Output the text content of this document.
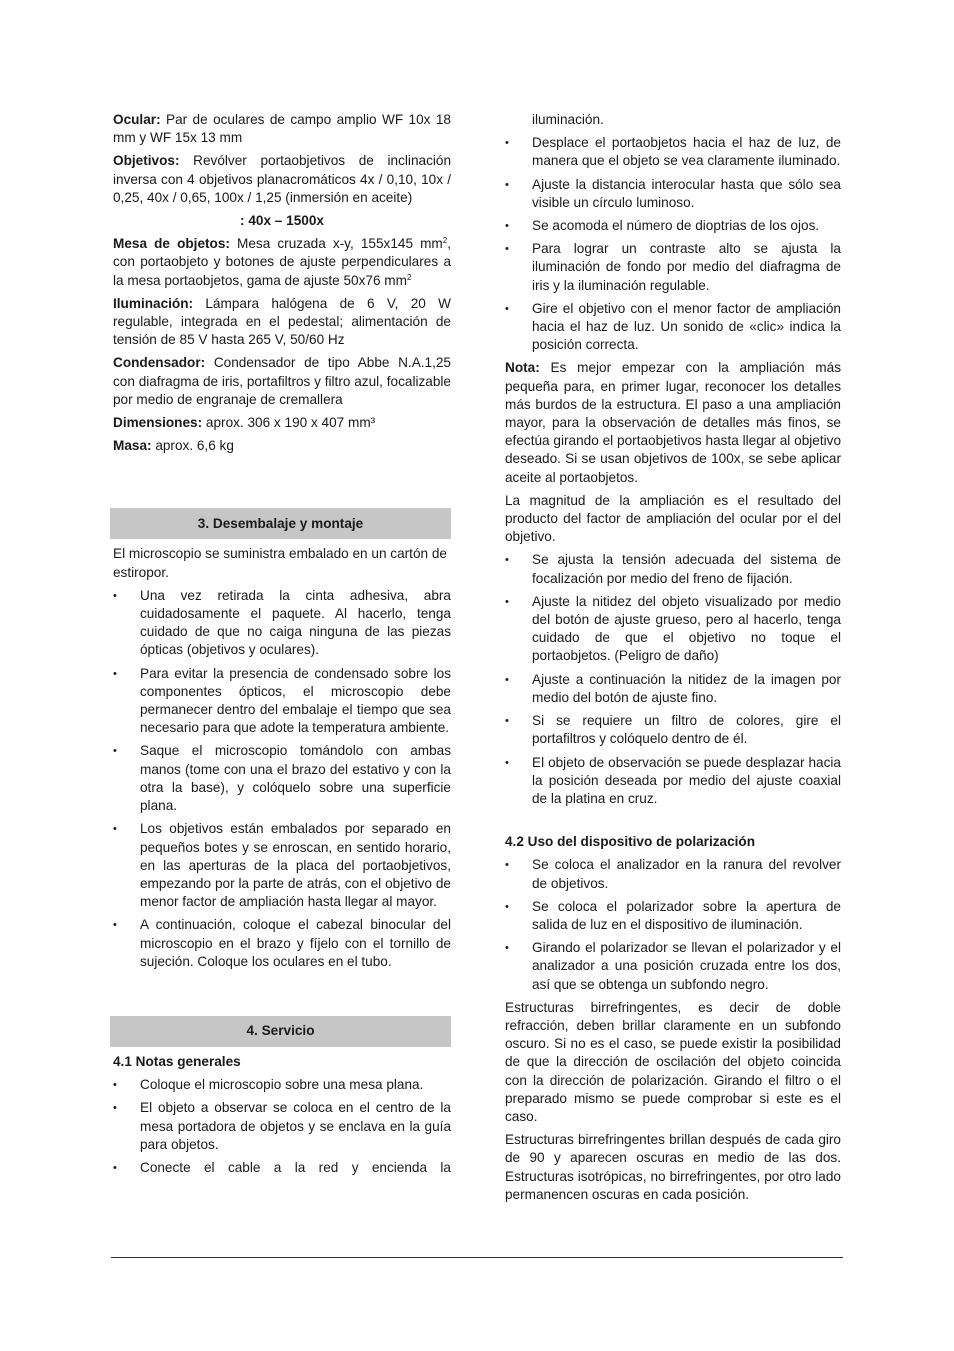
Ocular: Par de oculares de campo amplio WF 10x 18 mm y WF 15x 13 mm

Objetivos: Revólver portaobjetivos de inclinación inversa con 4 objetivos planacromáticos 4x / 0,10, 10x / 0,25, 40x / 0,65, 100x / 1,25 (inmersión en aceite)

: 40x – 1500x

Mesa de objetos: Mesa cruzada x-y, 155x145 $mm^2$, con portaobjeto y botones de ajuste perpendiculares a la mesa portaobjetos, gama de ajuste 50x76 $mm^2$

Iluminación: Lámpara halógena de 6 V, 20 W regulable, integrada en el pedestal; alimentación de tensión de 85 V hasta 265 V, 50/60 Hz

Condensador: Condensador de tipo Abbe N.A.1,25 con diafragma de iris, portafiltros y filtro azul, focalizable por medio de engranaje de cremallera

Dimensiones: aprox. 306 x 190 x 407 mm³

Masa: aprox. 6,6 kg

3. Desembalaje y montaje

El microscopio se suministra embalado en un cartón de estiropor.

•	Una vez retirada la cinta adhesiva, abra cuidadosamente el paquete. Al hacerlo, tenga cuidado de que no caiga ninguna de las piezas ópticas (objetivos y oculares).
•	Para evitar la presencia de condensado sobre los componentes ópticos, el microscopio debe permanecer dentro del embalaje el tiempo que sea necesario para que adote la temperatura ambiente.
•	Saque el microscopio tomándolo con ambas manos (tome con una el brazo del estativo y con la otra la base), y colóquelo sobre una superficie plana.
•	Los objetivos están embalados por separado en pequeños botes y se enroscan, en sentido horario, en las aperturas de la placa del portaobjetivos, empezando por la parte de atrás, con el objetivo de menor factor de ampliación hasta llegar al mayor.
•	A continuación, coloque el cabezal binocular del microscopio en el brazo y fíjelo con el tornillo de sujeción. Coloque los oculares en el tubo.
4. Servicio
4.1 Notas generales
•	Coloque el microscopio sobre una mesa plana.
•	El objeto a observar se coloca en el centro de la mesa portadora de objetos y se enclava en la guía para objetos.
•	Conecte el cable a la red y encienda la

iluminación.

•	Desplace el portaobjetos hacia el haz de luz, de manera que el objeto se vea claramente iluminado.
•	Ajuste la distancia interocular hasta que sólo sea visible un círculo luminoso.
•	Se acomoda el número de dioptrias de los ojos.
•	Para lograr un contraste alto se ajusta la iluminación de fondo por medio del diafragma de iris y la iluminación regulable.
•	Gire el objetivo con el menor factor de ampliación hacia el haz de luz. Un sonido de «clic» indica la posición correcta.

Nota: Es mejor empezar con la ampliación más pequeña para, en primer lugar, reconocer los detalles más burdos de la estructura. El paso a una ampliación mayor, para la observación de detalles más finos, se efectúa girando el portaobjetivos hasta llegar al objetivo deseado. Si se usan objetivos de 100x, se sebe aplicar aceite al portaobjetos.

La magnitud de la ampliación es el resultado del producto del factor de ampliación del ocular por el del objetivo.

•	Se ajusta la tensión adecuada del sistema de focalización por medio del freno de fijación.
•	Ajuste la nitidez del objeto visualizado por medio del botón de ajuste grueso, pero al hacerlo, tenga cuidado de que el objetivo no toque el portaobjetos. (Peligro de daño)
•	Ajuste a continuación la nitidez de la imagen por medio del botón de ajuste fino.
•	Si se requiere un filtro de colores, gire el portafiltros y colóquelo dentro de él.
•	El objeto de observación se puede desplazar hacia la posición deseada por medio del ajuste coaxial de la platina en cruz.
4.2 Uso del dispositivo de polarización
•	Se coloca el analizador en la ranura del revolver de objetivos.
•	Se coloca el polarizador sobre la apertura de salida de luz en el dispositivo de iluminación.
•	Girando el polarizador se llevan el polarizador y el analizador a una posición cruzada entre los dos, así que se obtenga un subfondo negro.

Estructuras birrefringentes, es decir de doble refracción, deben brillar claramente en un subfondo oscuro. Si no es el caso, se puede existir la posibilidad de que la dirección de oscilación del objeto coincida con la dirección de polarización. Girando el filtro o el preparado mismo se puede comprobar si este es el caso.

Estructuras birrefringentes brillan después de cada giro de 90 y aparecen oscuras en medio de las dos. Estructuras isotrópicas, no birrefringentes, por otro lado permanencen oscuras en cada posición.
